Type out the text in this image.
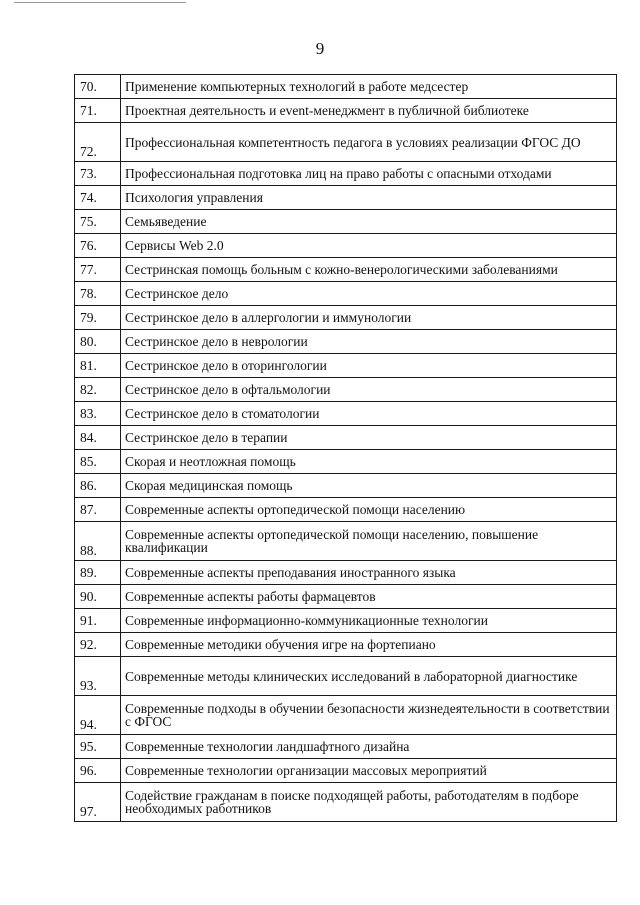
9
70.	Применение компьютерных технологий в работе медсестер
71.	Проектная деятельность и event-менеджмент в публичной библиотеке
72.	Профессиональная компетентность педагога в условиях реализации ФГОС ДО
73.	Профессиональная подготовка лиц на право работы с опасными отходами
74.	Психология управления
75.	Семьяведение
76.	Сервисы Web 2.0
77.	Сестринская помощь больным с кожно-венерологическими заболеваниями
78.	Сестринское дело
79.	Сестринское дело в аллергологии и иммунологии
80.	Сестринское дело в неврологии
81.	Сестринское дело в оторингологии
82.	Сестринское дело в офтальмологии
83.	Сестринское дело в стоматологии
84.	Сестринское дело в терапии
85.	Скорая и неотложная помощь
86.	Скорая медицинская помощь
87.	Современные аспекты ортопедической помощи населению
88.	Современные аспекты ортопедической помощи населению, повышение квалификации
89.	Современные аспекты преподавания иностранного языка
90.	Современные аспекты работы фармацевтов
91.	Современные информационно-коммуникационные технологии
92.	Современные методики обучения игре на фортепиано
93.	Современные методы клинических исследований в лабораторной диагностике
94.	Современные подходы в обучении безопасности жизнедеятельности в соответствии с ФГОС
95.	Современные технологии ландшафтного дизайна
96.	Современные технологии организации массовых мероприятий
97.	Содействие гражданам в поиске подходящей работы, работодателям в подборе необходимых работников
